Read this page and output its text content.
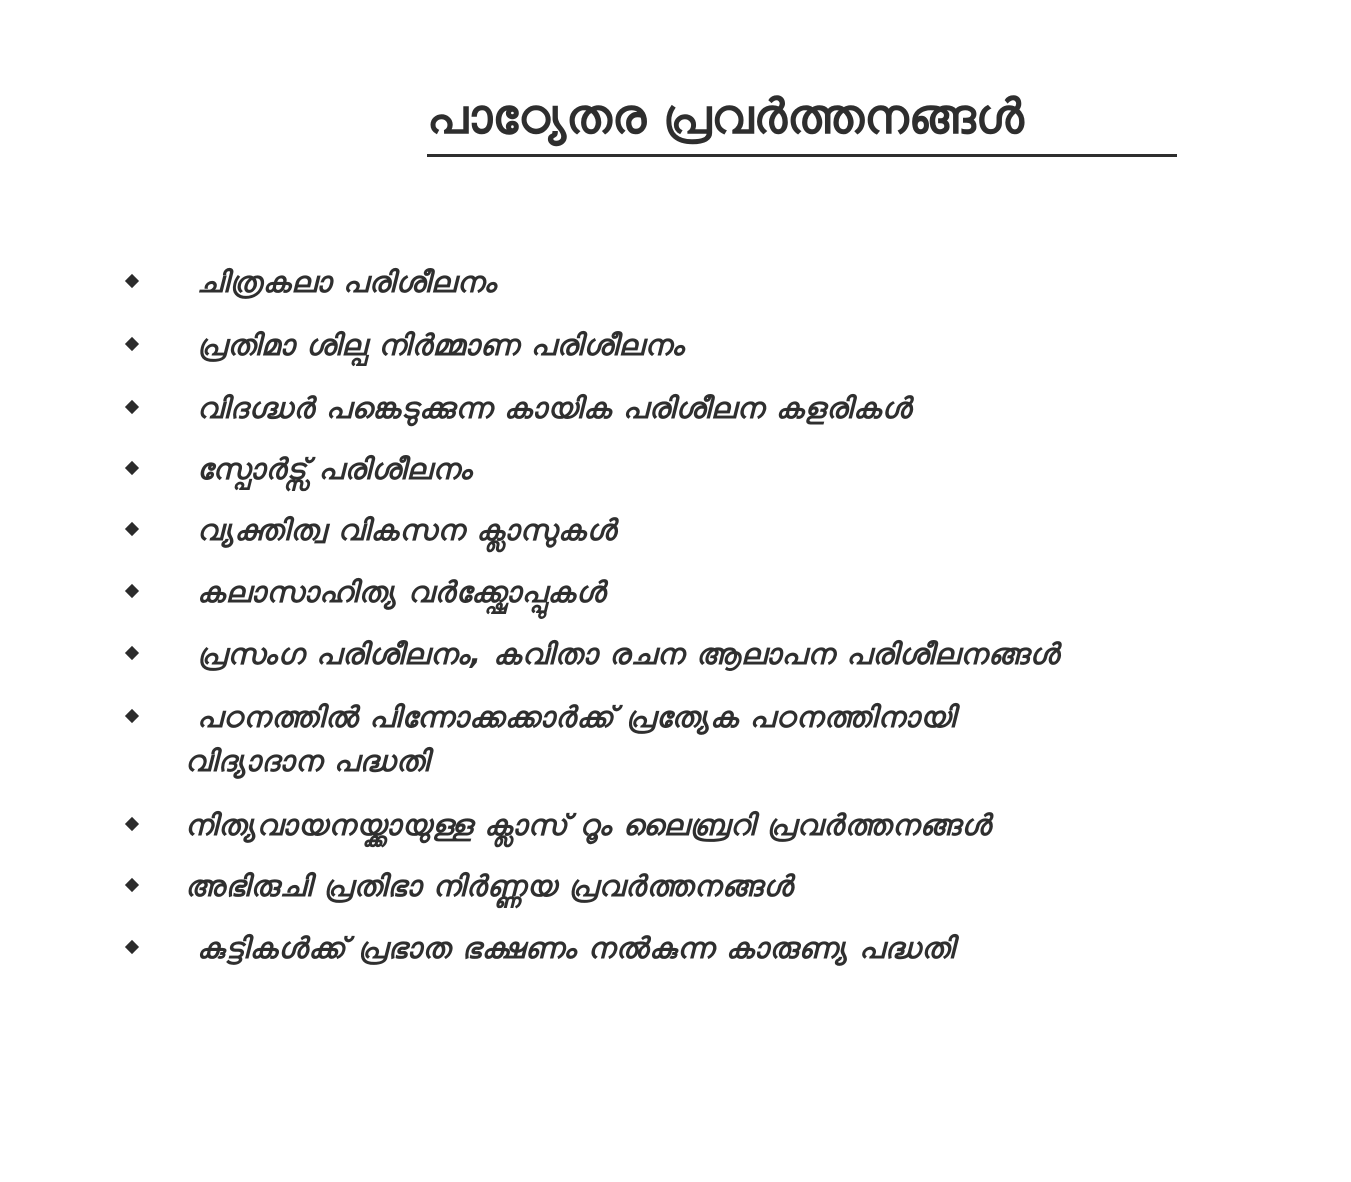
പാഠ്യേതര പ്രവർത്തനങ്ങൾ
ചിത്രകലാ പരിശീലനം
പ്രതിമാ ശില്പ നിർമ്മാണ പരിശീലനം
വിദഗ്ദ്ധർ പങ്കെടുക്കുന്ന കായിക പരിശീലന കളരികൾ
സ്പോർട്സ് പരിശീലനം
വ്യക്തിത്വ വികസന ക്ലാസുകൾ
കലാസാഹിത്യ വർക്ക്ഷോപ്പുകൾ
പ്രസംഗ പരിശീലനം, കവിതാ രചന ആലാപന പരിശീലനങ്ങൾ
പഠനത്തിൽ പിന്നോക്കക്കാർക്ക് പ്രത്യേക പഠനത്തിനായി
വിദ്യാദാന പദ്ധതി
നിത്യവായനയ്ക്കായുള്ള ക്ലാസ് റൂം ലൈബ്രറി പ്രവർത്തനങ്ങൾ
അഭിരുചി പ്രതിഭാ നിർണ്ണയ പ്രവർത്തനങ്ങൾ
കുട്ടികൾക്ക് പ്രഭാത ഭക്ഷണം നൽകുന്ന കാരുണ്യ പദ്ധതി
